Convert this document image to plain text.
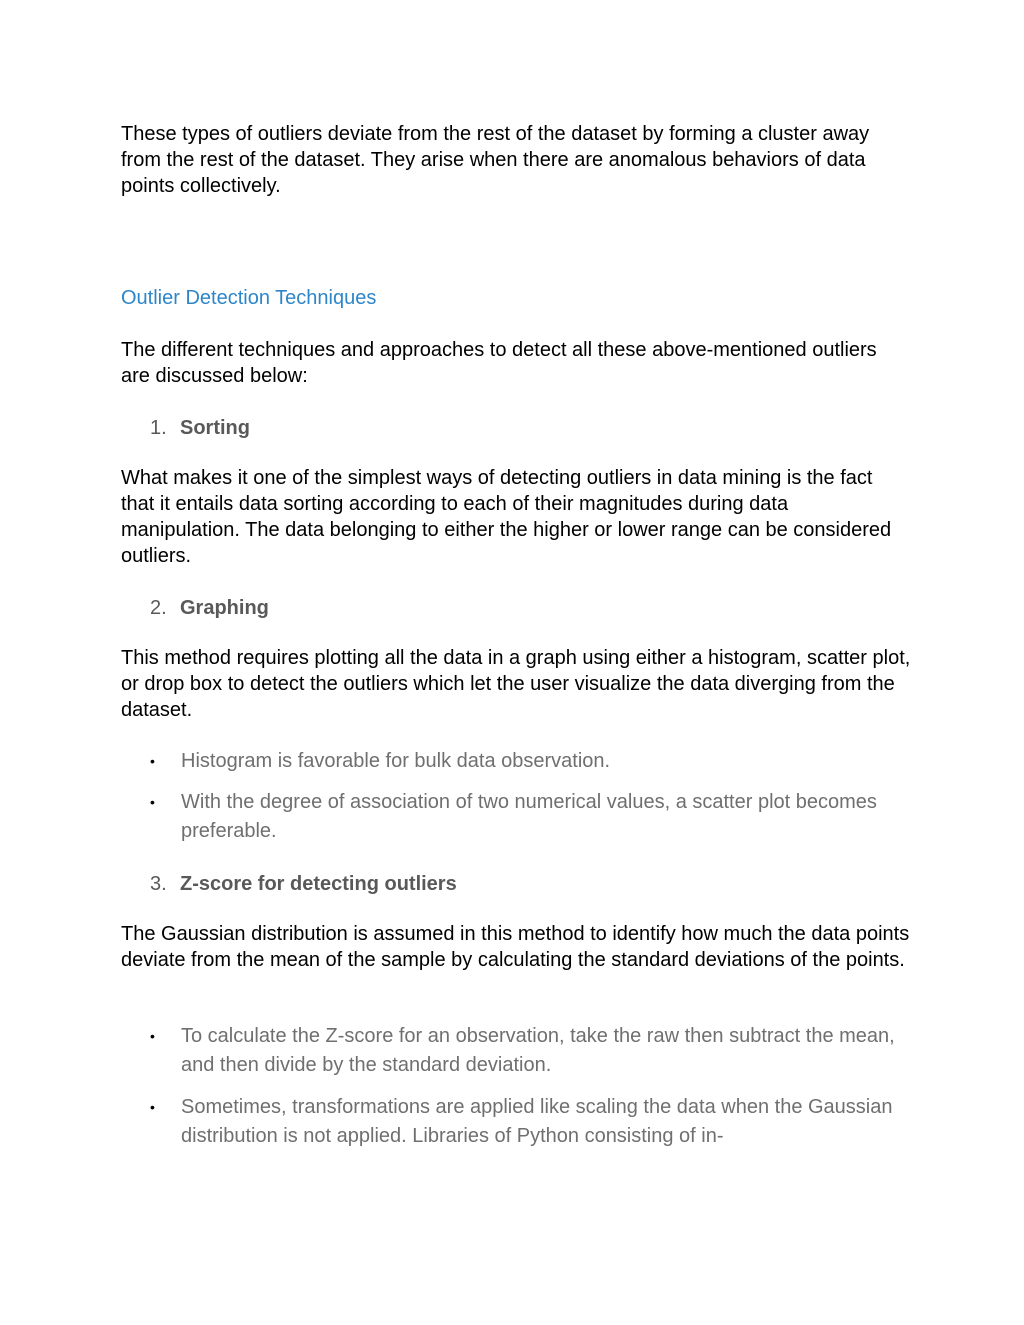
These types of outliers deviate from the rest of the dataset by forming a cluster away from the rest of the dataset. They arise when there are anomalous behaviors of data points collectively.

Outlier Detection Techniques

The different techniques and approaches to detect all these above-mentioned outliers are discussed below:

1. Sorting

What makes it one of the simplest ways of detecting outliers in data mining is the fact that it entails data sorting according to each of their magnitudes during data manipulation. The data belonging to either the higher or lower range can be considered outliers.

2. Graphing

This method requires plotting all the data in a graph using either a histogram, scatter plot, or drop box to detect the outliers which let the user visualize the data diverging from the dataset.

•	Histogram is favorable for bulk data observation.
•	With the degree of association of two numerical values, a scatter plot becomes preferable.
3. Z-score for detecting outliers

The Gaussian distribution is assumed in this method to identify how much the data points deviate from the mean of the sample by calculating the standard deviations of the points.

•	To calculate the Z-score for an observation, take the raw then subtract the mean, and then divide by the standard deviation.
•	Sometimes, transformations are applied like scaling the data when the Gaussian distribution is not applied. Libraries of Python consisting of in-
